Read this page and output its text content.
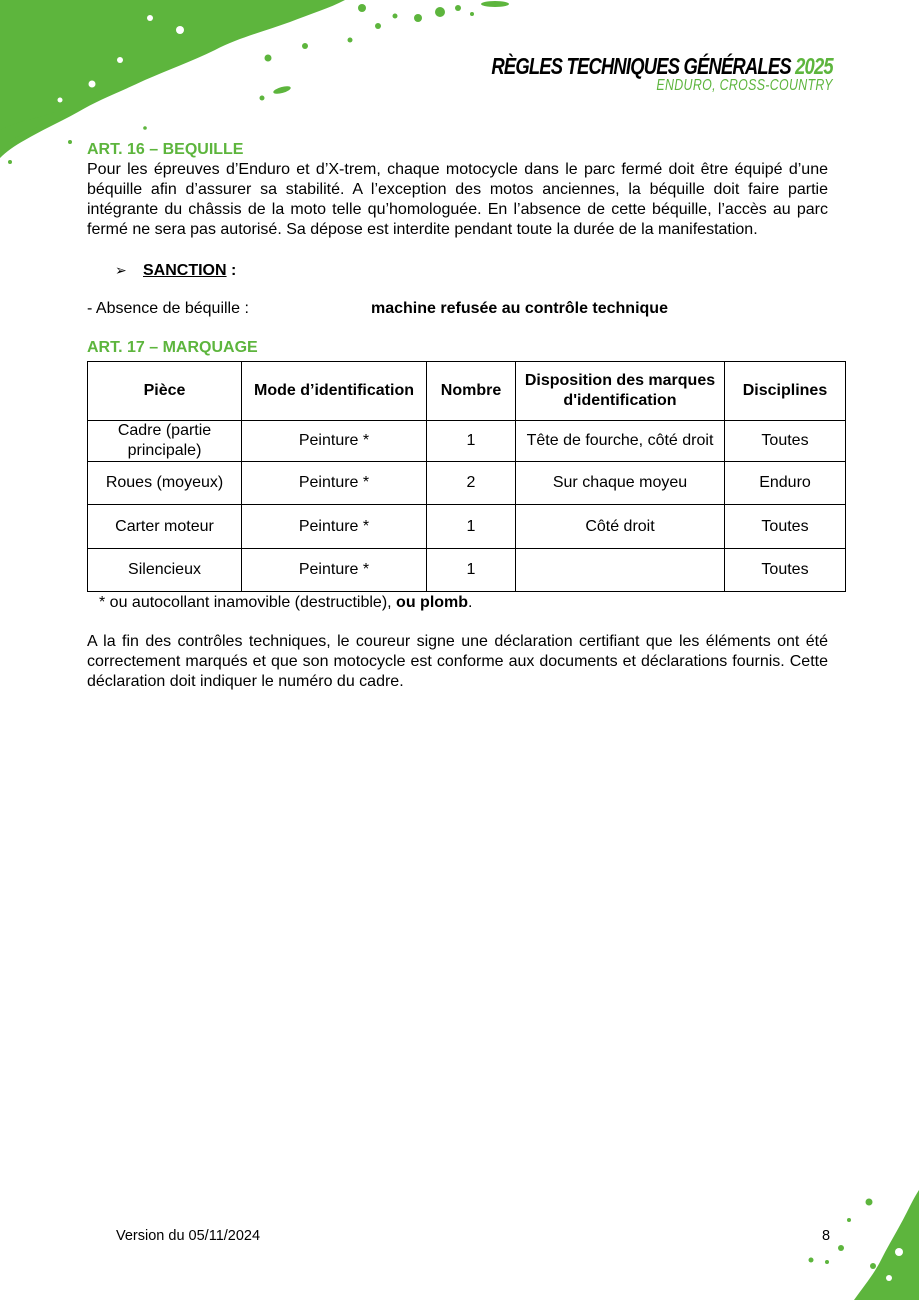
RÈGLES TECHNIQUES GÉNÉRALES 2025
ENDURO, CROSS-COUNTRY
ART. 16 – BEQUILLE

Pour les épreuves d’Enduro et d’X-trem, chaque motocycle dans le parc fermé doit être équipé d’une béquille afin d’assurer sa stabilité. A l’exception des motos anciennes, la béquille doit faire partie intégrante du châssis de la moto telle qu’homologuée. En l’absence de cette béquille, l’accès au parc fermé ne sera pas autorisé. Sa dépose est interdite pendant toute la durée de la manifestation.

➢ SANCTION :
- Absence de béquille :	machine refusée au contrôle technique
ART. 17 – MARQUAGE
Pièce	Mode d’identification	Nombre	Disposition des marques d'identification	Disciplines
Cadre (partie principale)	Peinture *	1	Tête de fourche, côté droit	Toutes
Roues (moyeux)	Peinture *	2	Sur chaque moyeu	Enduro
Carter moteur	Peinture *	1	Côté droit	Toutes
Silencieux	Peinture *	1		Toutes

* ou autocollant inamovible (destructible), ou plomb.

A la fin des contrôles techniques, le coureur signe une déclaration certifiant que les éléments ont été correctement marqués et que son motocycle est conforme aux documents et déclarations fournis. Cette déclaration doit indiquer le numéro du cadre.

Version du 05/11/2024	8
